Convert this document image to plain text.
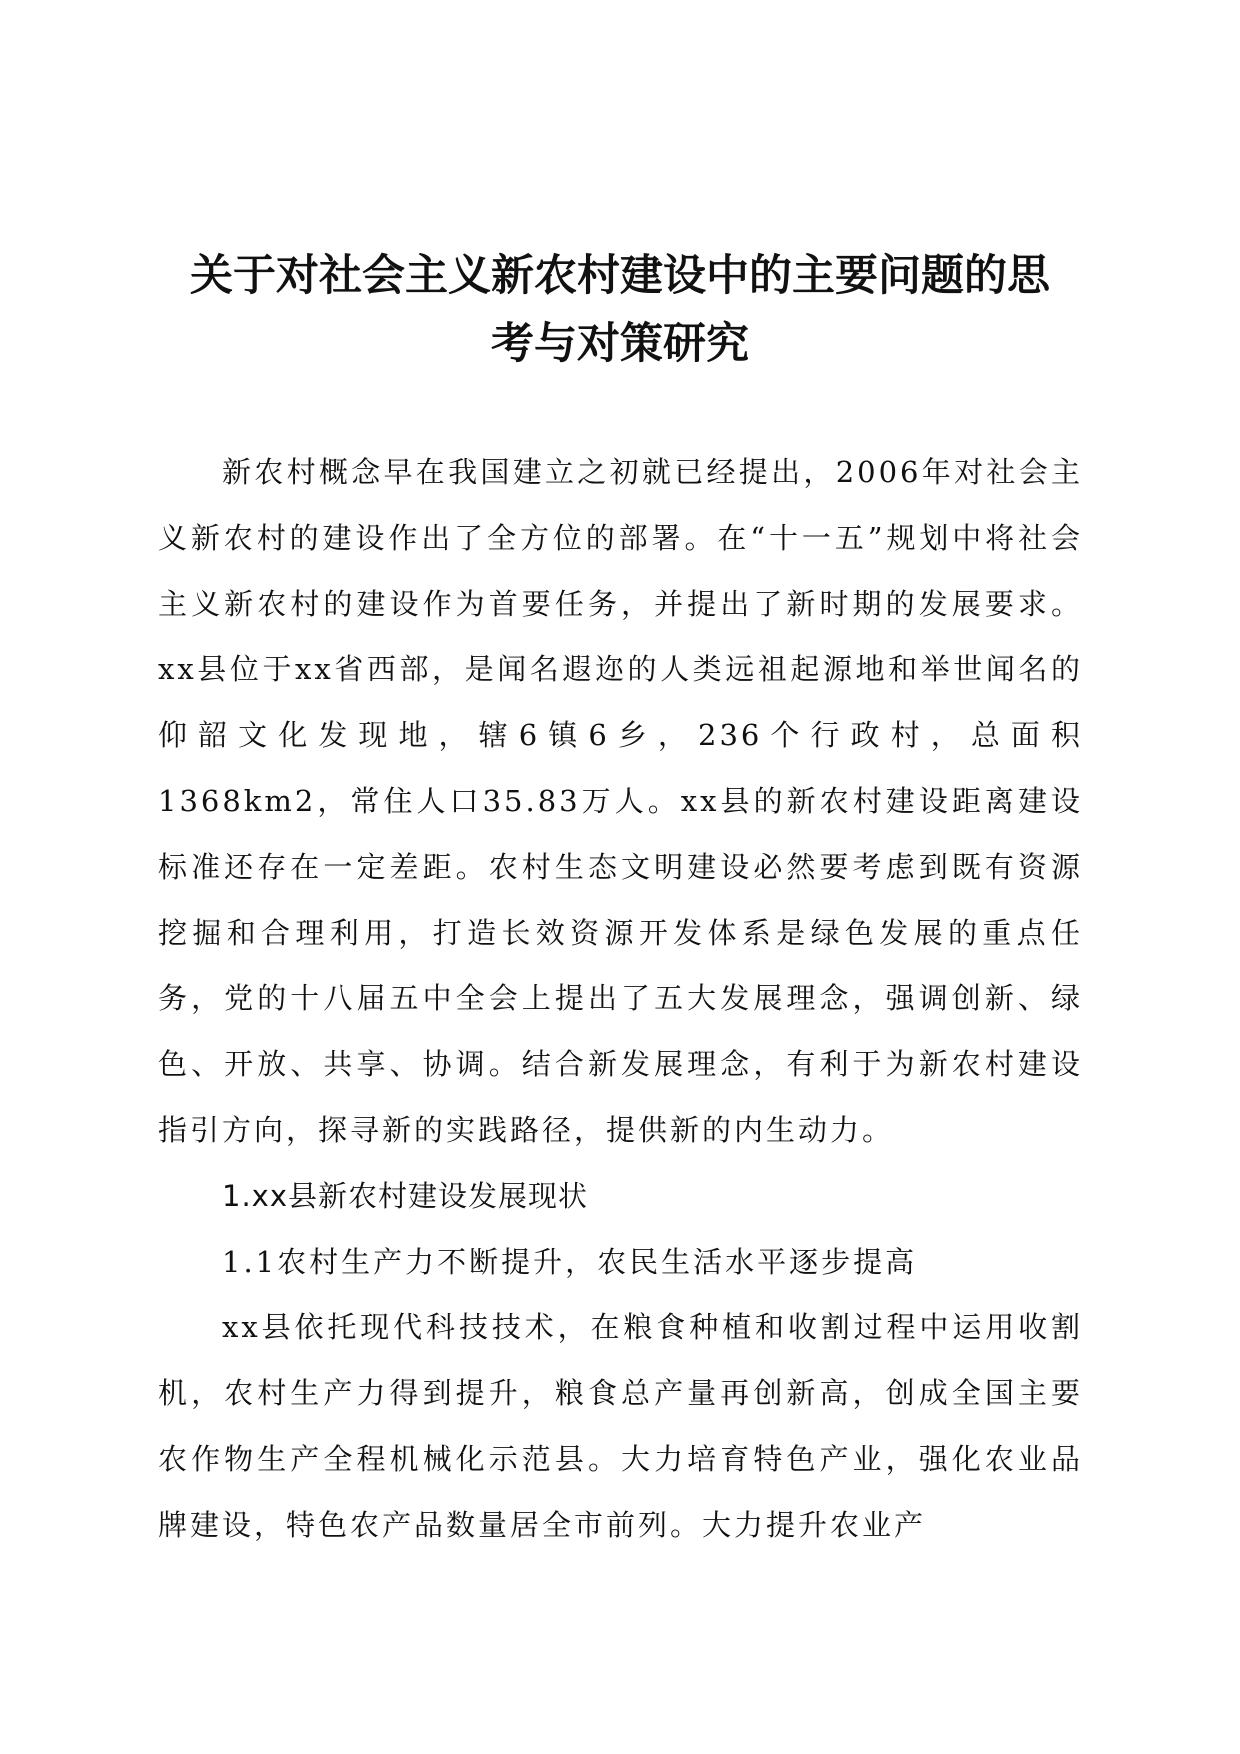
关于对社会主义新农村建设中的主要问题的思
考与对策研究

新农村概念早在我国建立之初就已经提出，2006年对社会主义新农村的建设作出了全方位的部署。在“十一五”规划中将社会主义新农村的建设作为首要任务，并提出了新时期的发展要求。xx县位于xx省西部，是闻名遐迩的人类远祖起源地和举世闻名的仰韶文化发现地，辖6镇6乡，236个行政村，总面积1368km2，常住人口35.83万人。xx县的新农村建设距离建设标准还存在一定差距。农村生态文明建设必然要考虑到既有资源挖掘和合理利用，打造长效资源开发体系是绿色发展的重点任务，党的十八届五中全会上提出了五大发展理念，强调创新、绿色、开放、共享、协调。结合新发展理念，有利于为新农村建设指引方向，探寻新的实践路径，提供新的内生动力。

1.xx县新农村建设发展现状

1.1农村生产力不断提升，农民生活水平逐步提高

xx县依托现代科技技术，在粮食种植和收割过程中运用收割机，农村生产力得到提升，粮食总产量再创新高，创成全国主要农作物生产全程机械化示范县。大力培育特色产业，强化农业品牌建设，特色农产品数量居全市前列。大力提升农业产
